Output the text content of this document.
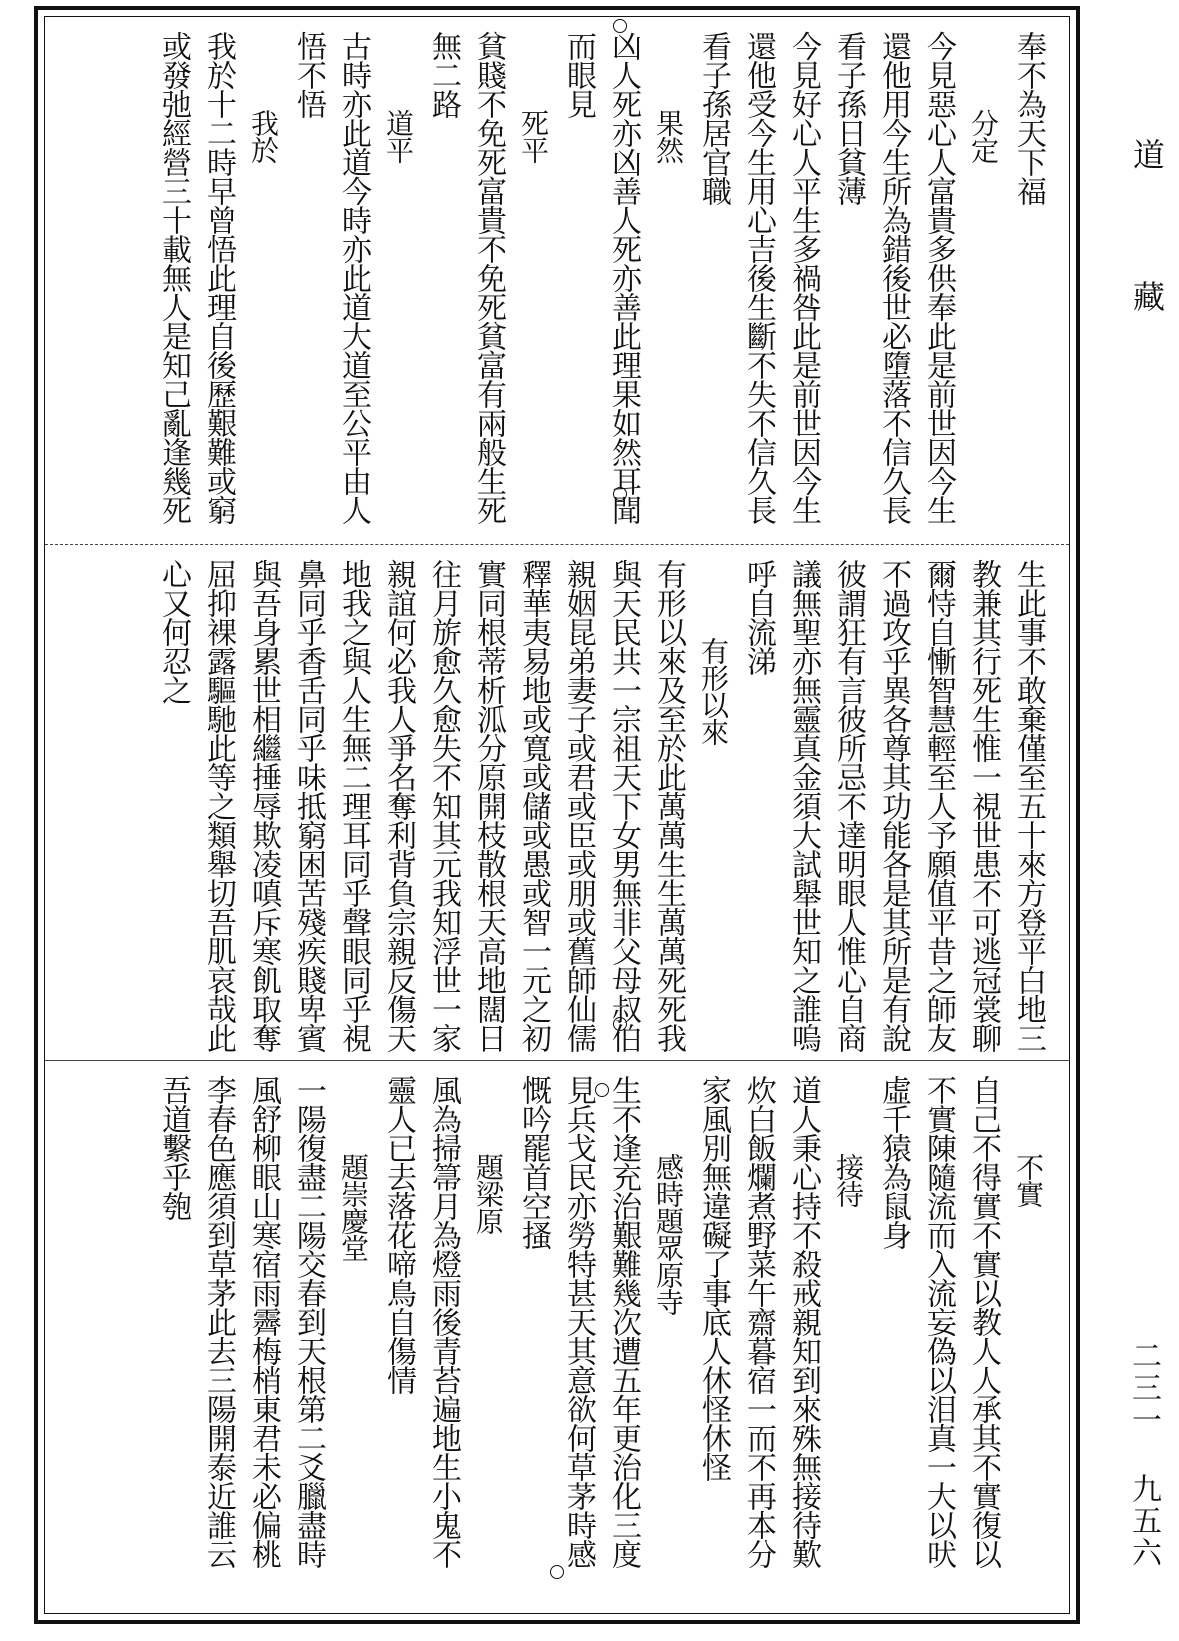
道
藏
二三一 九五六
奉不為天下福
分定
今見惡心人富貴多供奉此是前世因今生
還他用今生所為錯後世必墮落不信久長
看子孫日貧薄
今見好心人平生多禍咎此是前世因今生
還他受今生用心吉後生斷不失不信久長
看子孫居官職
果然
凶人死亦凶善人死亦善此理果如然耳聞
而眼見
死平
貧賤不免死富貴不免死貧富有兩般生死
無二路
道平
古時亦此道今時亦此道大道至公平由人
悟不悟
我於
我於十二時早曾悟此理自後歷艱難或窮
或發弛經營三十載無人是知己亂逢幾死
生此事不敢棄僅至五十來方登平白地三
教兼其行死生惟一視世患不可逃冠裳聊
爾恃自慚智慧輕至人予願值平昔之師友
不過攻乎異各尊其功能各是其所是有說
彼謂狂有言彼所忌不達明眼人惟心自商
議無聖亦無靈真金須大試舉世知之誰嗚
呼自流涕
有形以來
有形以來及至於此萬萬生生萬萬死死我
與天民共一宗祖天下女男無非父母叔伯
親姻昆弟妻子或君或臣或朋或舊師仙儒
釋華夷易地或寬或儲或愚或智一元之初
實同根蒂析泒分原開枝散根天高地闊日
往月旂愈久愈失不知其元我知浮世一家
親誼何必我人爭名奪利背負宗親反傷天
地我之與人生無二理耳同乎聲眼同乎視
鼻同乎香舌同乎味抵窮困苦殘疾賤卑賓
與吾身累世相繼捶辱欺凌嗔斥寒飢取奪
屈抑裸露驅馳此等之類舉切吾肌哀哉此
心又何忍之
不實
自己不得實不實以教人人承其不實復以
不實陳隨流而入流妄偽以泪真一大以吠
虛千猿為鼠身
接待
道人秉心持不殺戒親知到來殊無接待歎
炊白飯爛煮野菜午齋暮宿一而不再本分
家風別無違礙了事底人休怪休怪
感時題眾原寺
生不逢充治艱難幾次遭五年更治化三度
見兵戈民亦勞特甚天其意欲何草茅時感
慨吟罷首空搔
題梁原
風為掃箒月為燈雨後青苔遍地生小鬼不
靈人已去落花啼鳥自傷情
題崇慶堂
一陽復盡二陽交春到天根第二爻臘盡時
風舒柳眼山寒宿雨霽梅梢東君未必偏桃
李春色應須到草茅此去三陽開泰近誰云
吾道繫乎匏
